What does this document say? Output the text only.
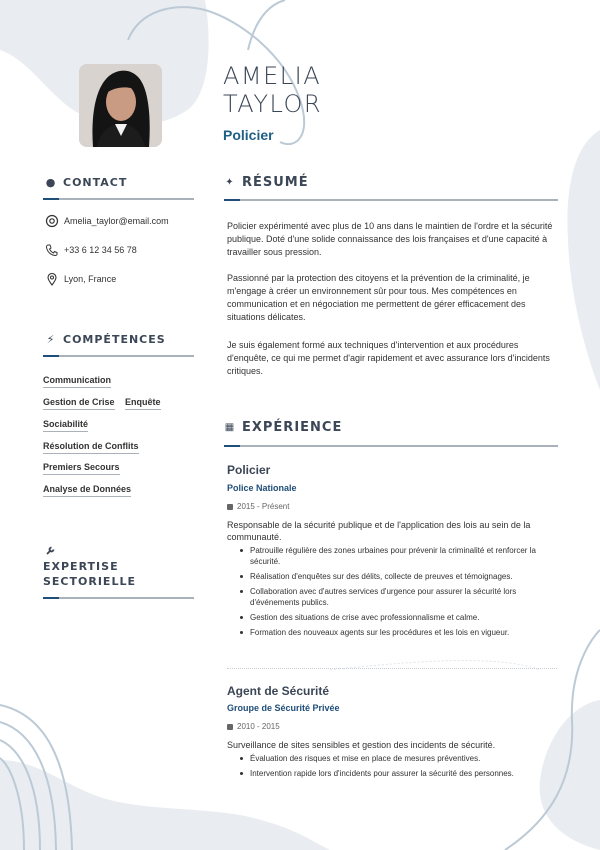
AMELIA
TAYLOR
Policier
● CONTACT
Amelia_taylor@email.com
+33 6 12 34 56 78
Lyon, France
⚡ COMPÉTENCES
Communication
Gestion de Crise Enquête
Sociabilité
Résolution de Conflits
Premiers Secours
Analyse de Données
EXPERTISE
SECTORIELLE
✦ RÉSUMÉ
Policier expérimenté avec plus de 10 ans dans le maintien de l'ordre et la sécurité publique. Doté d'une solide connaissance des lois françaises et d'une capacité à travailler sous pression.
Passionné par la protection des citoyens et la prévention de la criminalité, je m'engage à créer un environnement sûr pour tous. Mes compétences en communication et en négociation me permettent de gérer efficacement des situations délicates.
Je suis également formé aux techniques d'intervention et aux procédures d'enquête, ce qui me permet d'agir rapidement et avec assurance lors d'incidents critiques.
▦ EXPÉRIENCE
Policier
Police Nationale
2015 - Présent
Responsable de la sécurité publique et de l'application des lois au sein de la communauté.
Patrouille régulière des zones urbaines pour prévenir la criminalité et renforcer la sécurité.
Réalisation d'enquêtes sur des délits, collecte de preuves et témoignages.
Collaboration avec d'autres services d'urgence pour assurer la sécurité lors d'événements publics.
Gestion des situations de crise avec professionnalisme et calme.
Formation des nouveaux agents sur les procédures et les lois en vigueur.
Agent de Sécurité
Groupe de Sécurité Privée
2010 - 2015
Surveillance de sites sensibles et gestion des incidents de sécurité.
Évaluation des risques et mise en place de mesures préventives.
Intervention rapide lors d'incidents pour assurer la sécurité des personnes.
